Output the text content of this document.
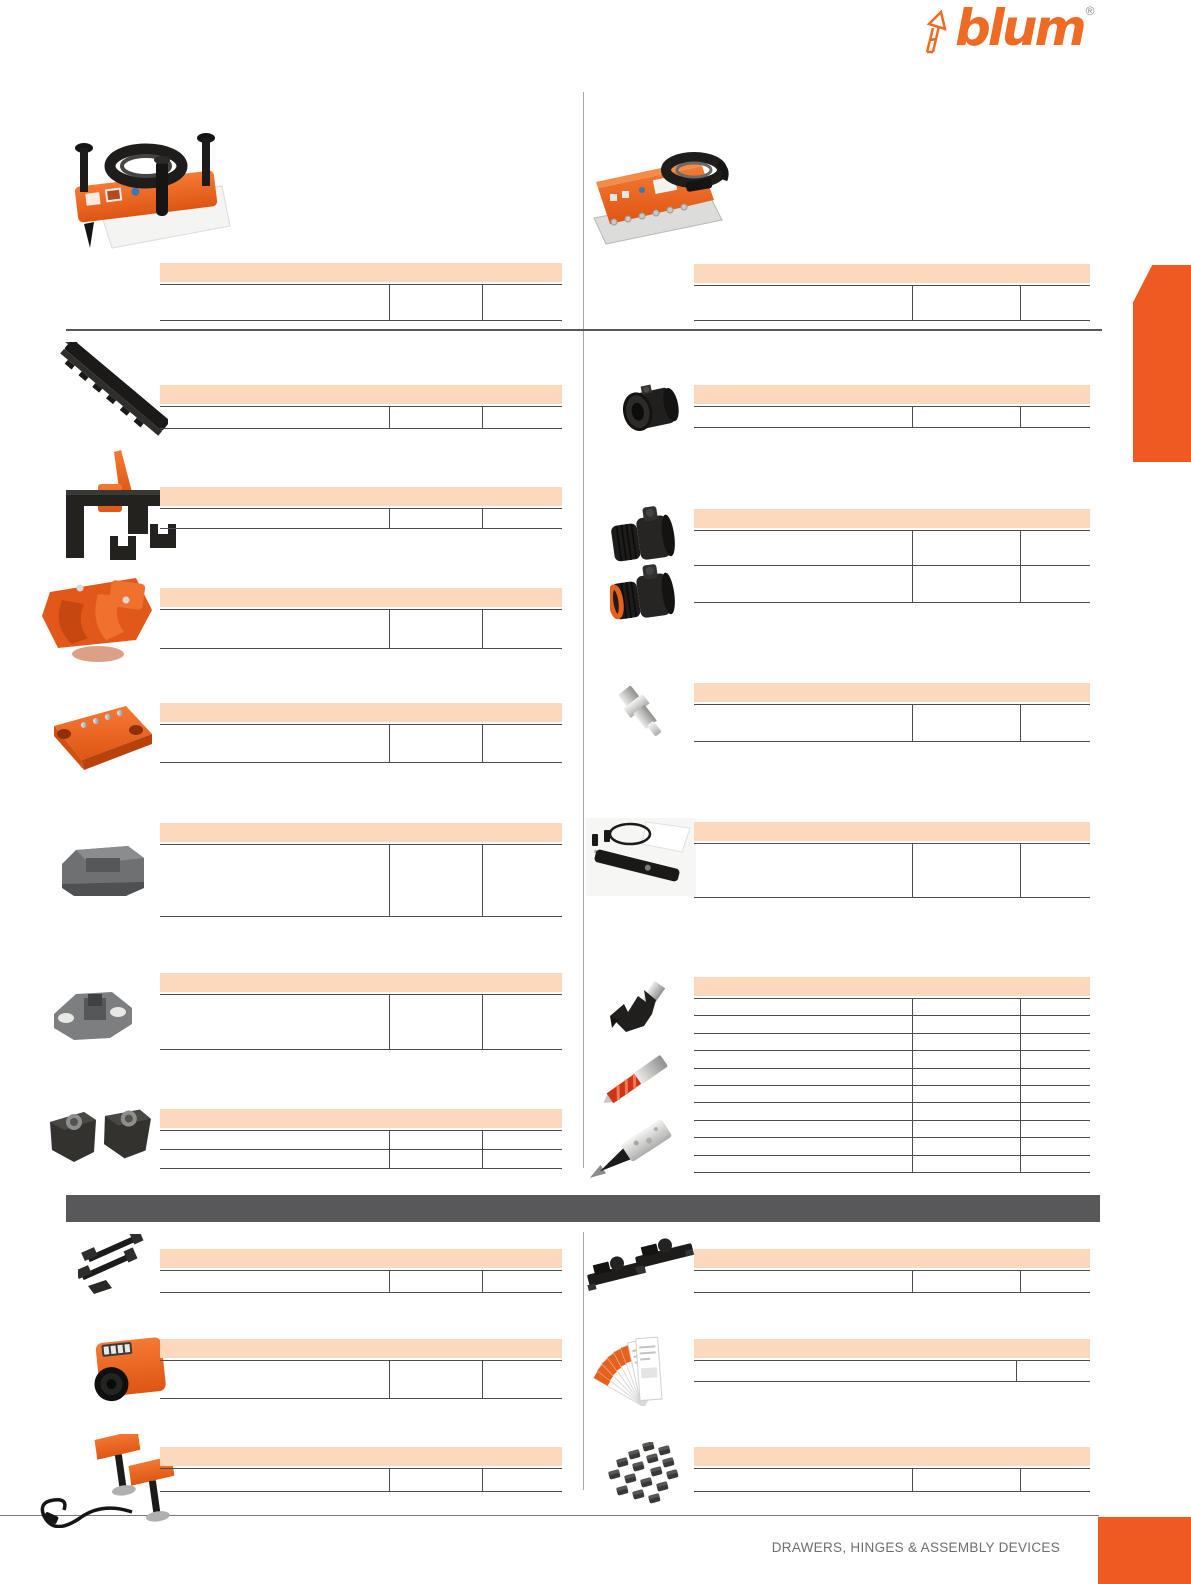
blum ®
DRAWERS, HINGES & ASSEMBLY DEVICES
